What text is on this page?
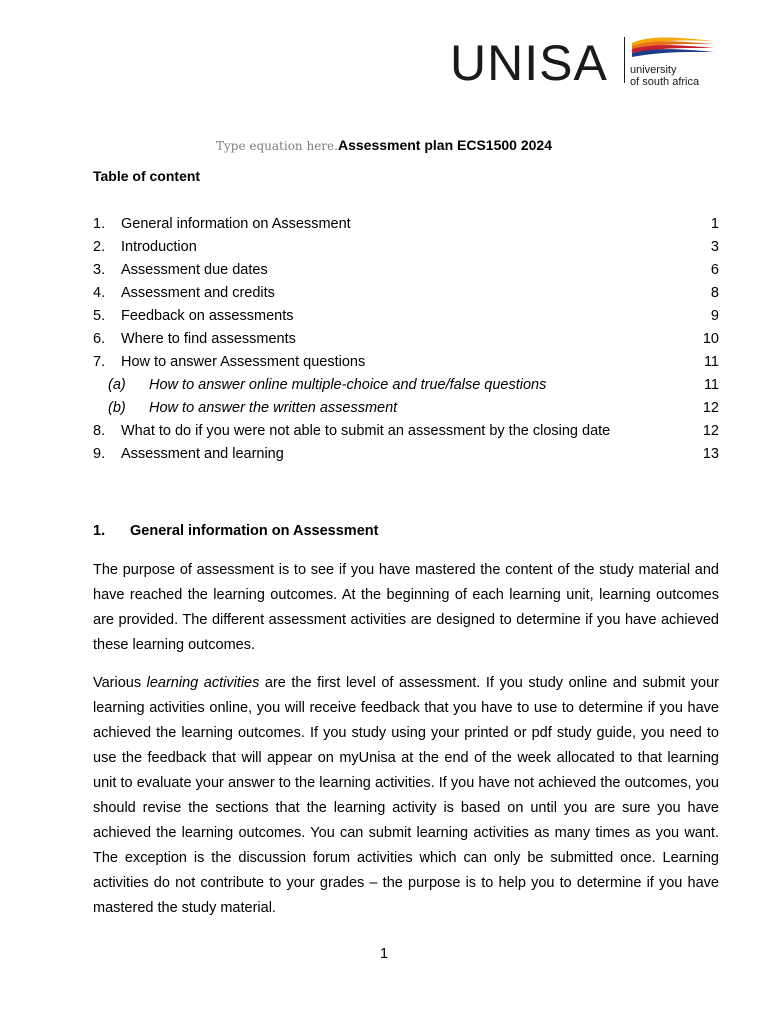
UNISA university
of south africa
Type equation here.Assessment plan ECS1500 2024
Table of content
1. General information on Assessment	1
2. Introduction	3
3. Assessment due dates	6
4. Assessment and credits	8
5. Feedback on assessments	9
6. Where to find assessments	10
7. How to answer Assessment questions	11
(a) How to answer online multiple-choice and true/false questions	11
(b) How to answer the written assessment	12
8. What to do if you were not able to submit an assessment by the closing date	12
9. Assessment and learning	13
1. General information on Assessment

The purpose of assessment is to see if you have mastered the content of the study material and have reached the learning outcomes. At the beginning of each learning unit, learning outcomes are provided. The different assessment activities are designed to determine if you have achieved these learning outcomes.

Various learning activities are the first level of assessment. If you study online and submit your learning activities online, you will receive feedback that you have to use to determine if you have achieved the learning outcomes. If you study using your printed or pdf study guide, you need to use the feedback that will appear on myUnisa at the end of the week allocated to that learning unit to evaluate your answer to the learning activities. If you have not achieved the outcomes, you should revise the sections that the learning activity is based on until you are sure you have achieved the learning outcomes. You can submit learning activities as many times as you want. The exception is the discussion forum activities which can only be submitted once. Learning activities do not contribute to your grades – the purpose is to help you to determine if you have mastered the study material.

1
